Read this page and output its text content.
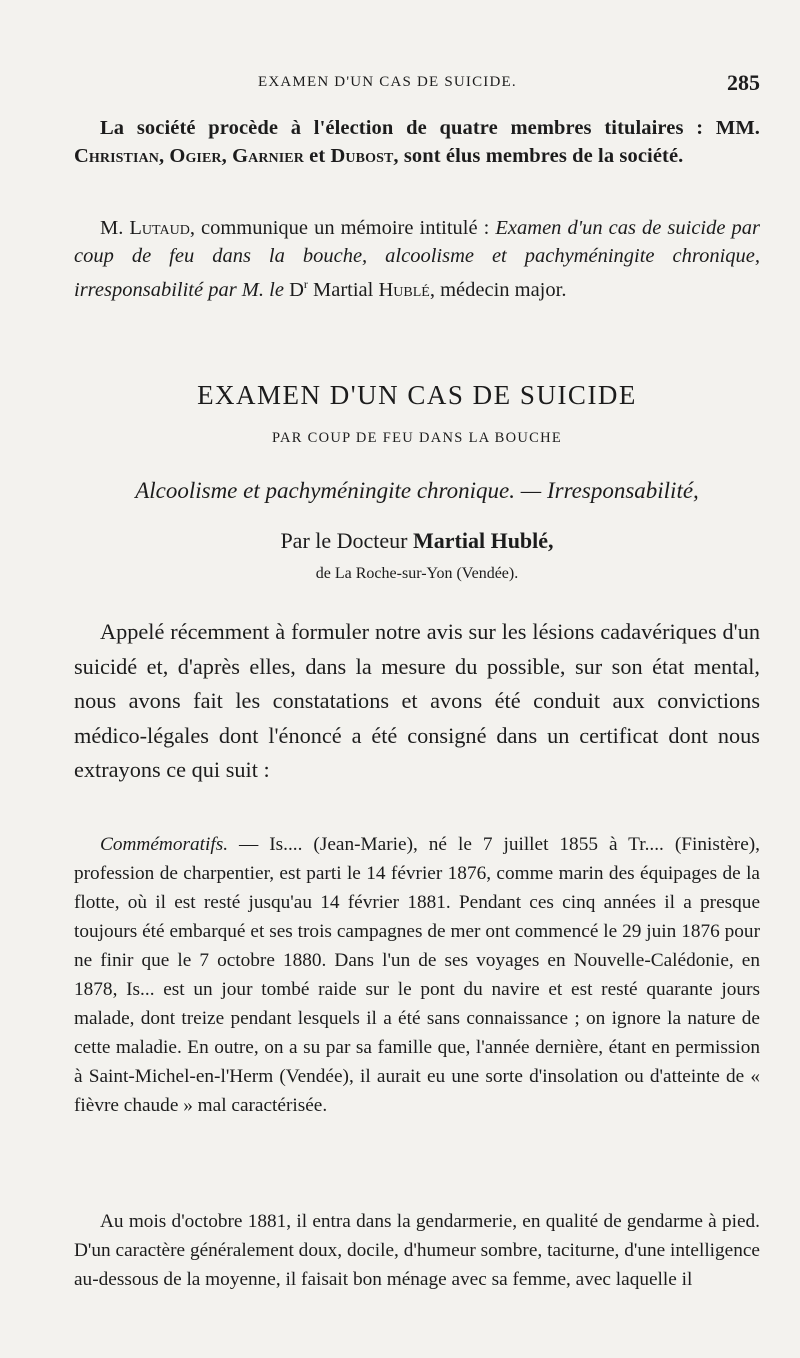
EXAMEN D'UN CAS DE SUICIDE.	285
La société procède à l'élection de quatre membres titulaires : MM. Christian, Ogier, Garnier et Dubost, sont élus membres de la société.
M. Lutaud, communique un mémoire intitulé : Examen d'un cas de suicide par coup de feu dans la bouche, alcoolisme et pachyméningite chronique, irresponsabilité par M. le $D^r$ Martial Hublé, médecin major.
EXAMEN D'UN CAS DE SUICIDE
PAR COUP DE FEU DANS LA BOUCHE
Alcoolisme et pachyméningite chronique. — Irresponsabilité,
Par le Docteur Martial Hublé,
de La Roche-sur-Yon (Vendée).
Appelé récemment à formuler notre avis sur les lésions cadavériques d'un suicidé et, d'après elles, dans la mesure du possible, sur son état mental, nous avons fait les constatations et avons été conduit aux convictions médico-légales dont l'énoncé a été consigné dans un certificat dont nous extrayons ce qui suit :
Commémoratifs. — Is.... (Jean-Marie), né le 7 juillet 1855 à Tr.... (Finistère), profession de charpentier, est parti le 14 février 1876, comme marin des équipages de la flotte, où il est resté jusqu'au 14 février 1881. Pendant ces cinq années il a presque toujours été embarqué et ses trois campagnes de mer ont commencé le 29 juin 1876 pour ne finir que le 7 octobre 1880. Dans l'un de ses voyages en Nouvelle-Calédonie, en 1878, Is... est un jour tombé raide sur le pont du navire et est resté quarante jours malade, dont treize pendant lesquels il a été sans connaissance ; on ignore la nature de cette maladie. En outre, on a su par sa famille que, l'année dernière, étant en permission à Saint-Michel-en-l'Herm (Vendée), il aurait eu une sorte d'insolation ou d'atteinte de « fièvre chaude » mal caractérisée.
Au mois d'octobre 1881, il entra dans la gendarmerie, en qualité de gendarme à pied. D'un caractère généralement doux, docile, d'humeur sombre, taciturne, d'une intelligence au-dessous de la moyenne, il faisait bon ménage avec sa femme, avec laquelle il
